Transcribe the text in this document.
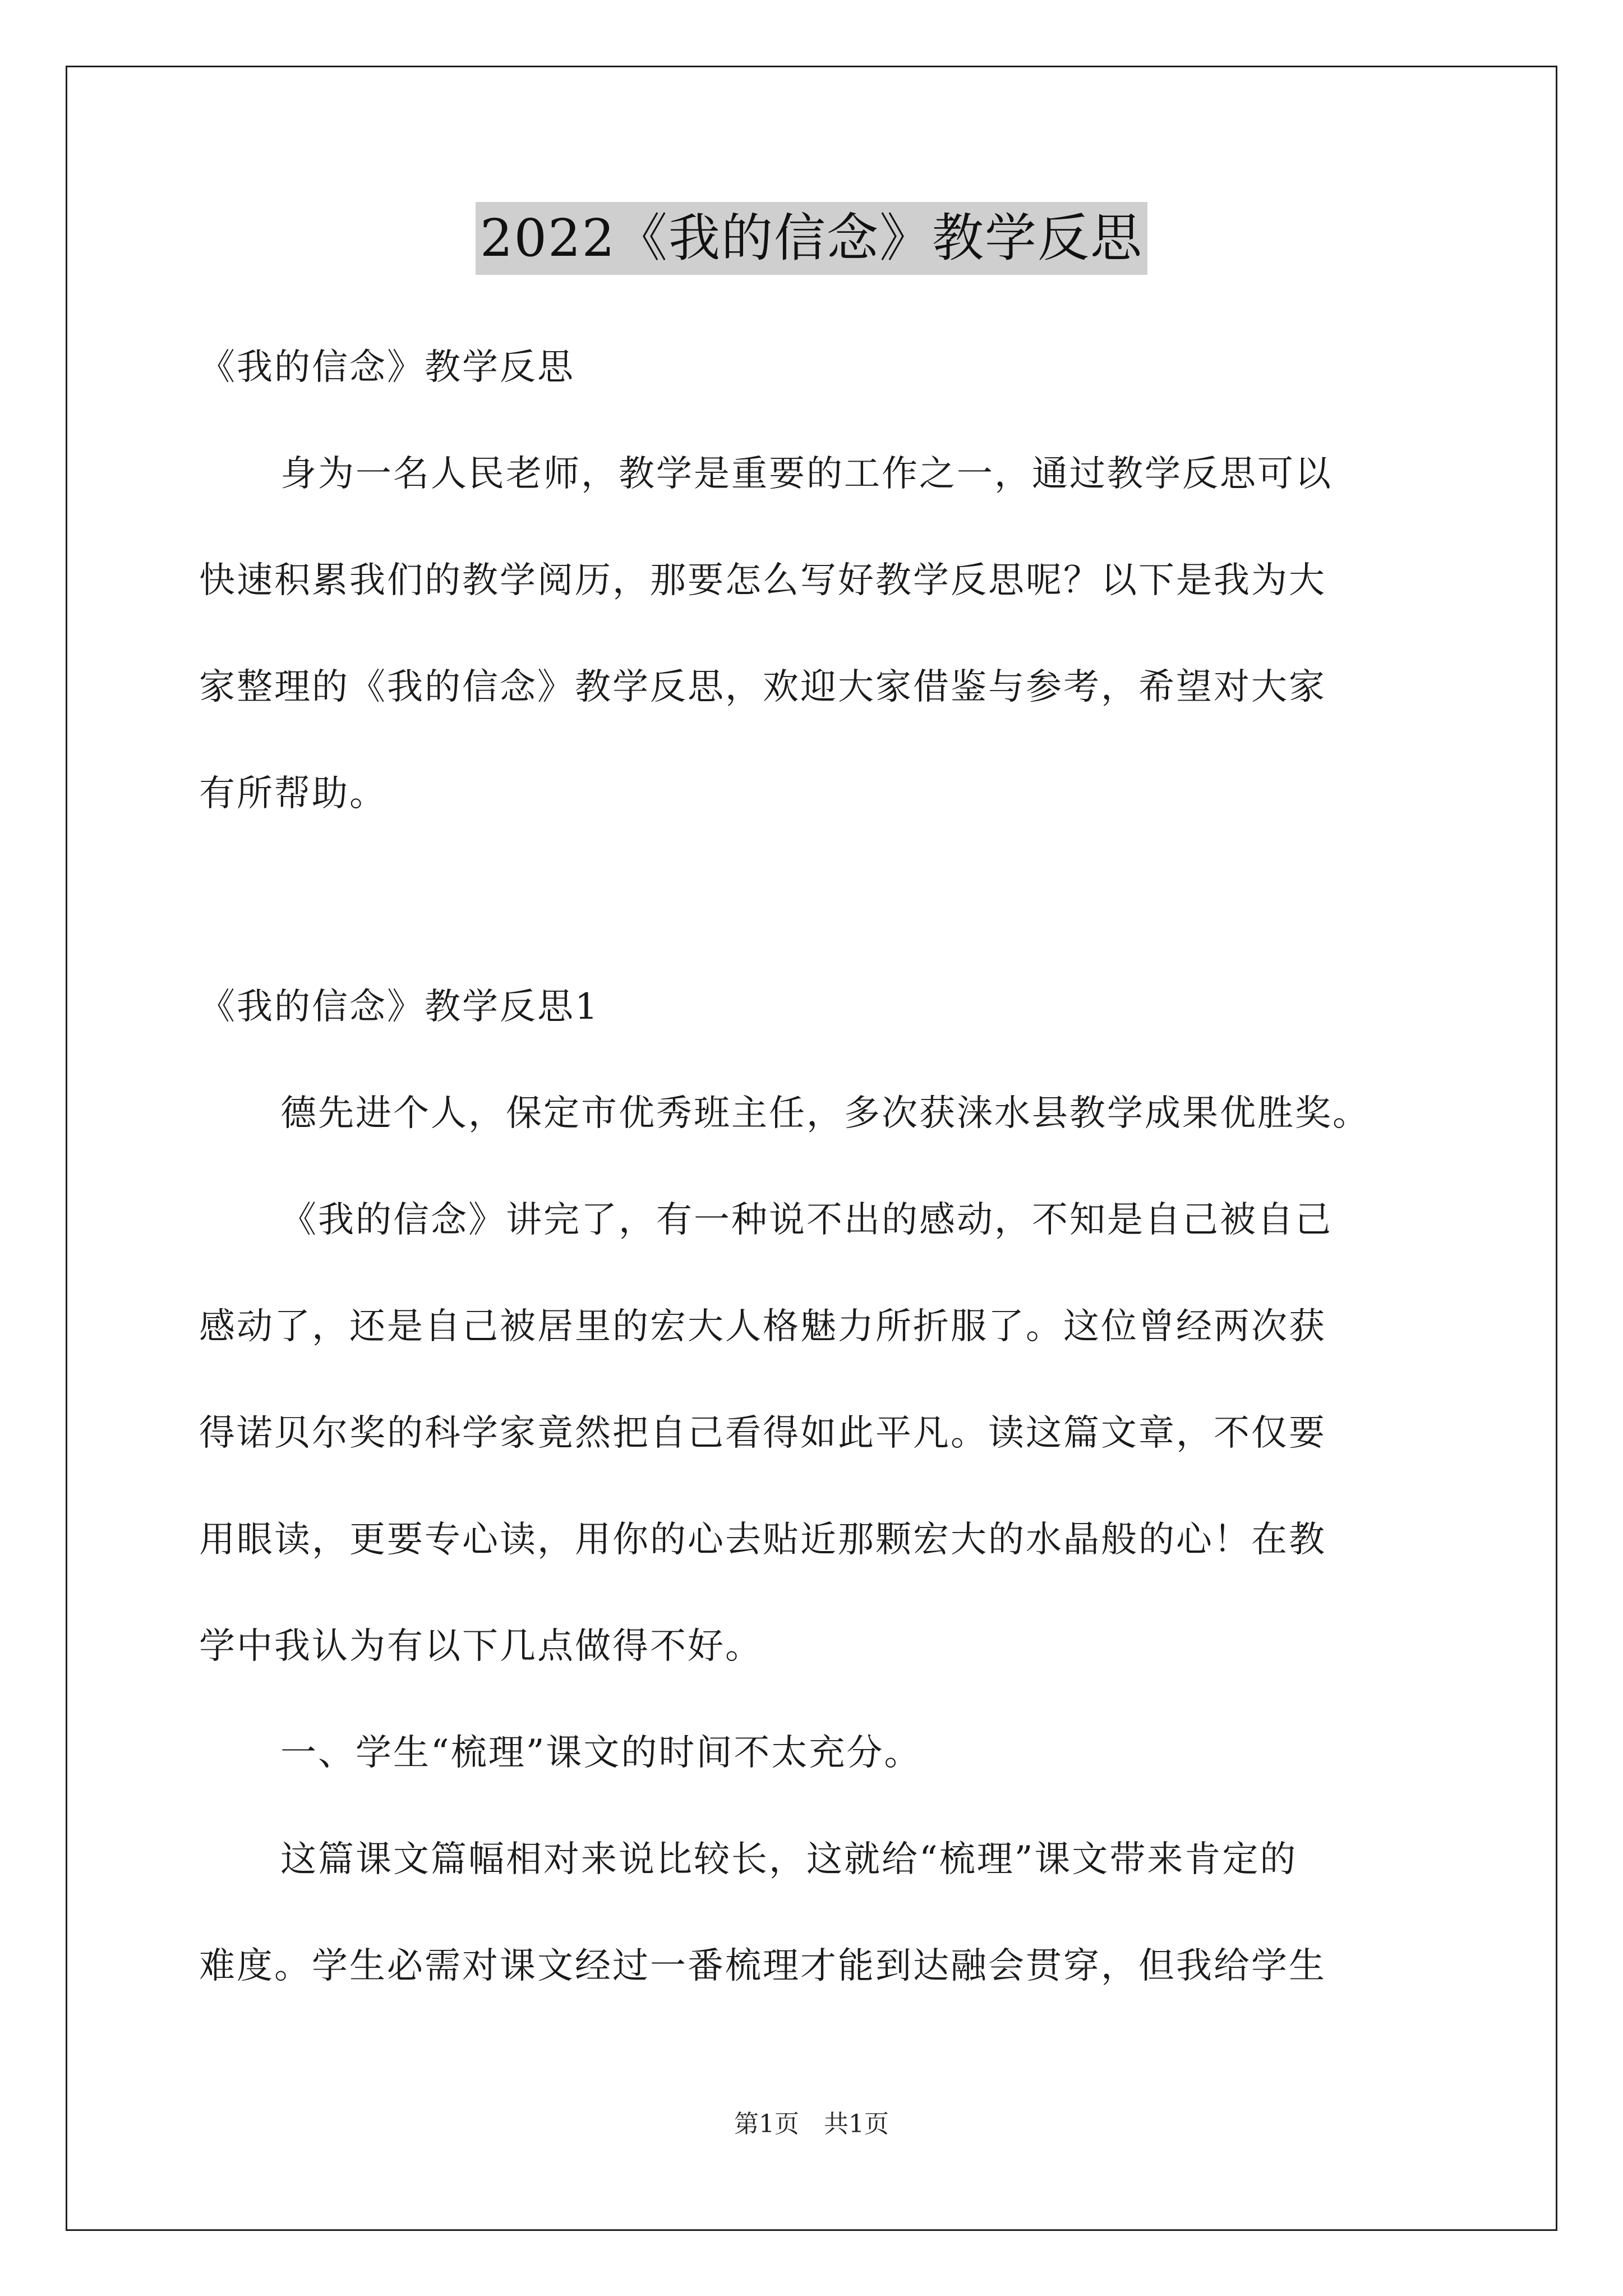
2022《我的信念》教学反思
《我的信念》教学反思
身为一名人民老师，教学是重要的工作之一，通过教学反思可以
快速积累我们的教学阅历，那要怎么写好教学反思呢？以下是我为大
家整理的《我的信念》教学反思，欢迎大家借鉴与参考，希望对大家
有所帮助。
《我的信念》教学反思1
德先进个人，保定市优秀班主任，多次获涞水县教学成果优胜奖。
《我的信念》讲完了，有一种说不出的感动，不知是自己被自己
感动了，还是自己被居里的宏大人格魅力所折服了。这位曾经两次获
得诺贝尔奖的科学家竟然把自己看得如此平凡。读这篇文章，不仅要
用眼读，更要专心读，用你的心去贴近那颗宏大的水晶般的心！在教
学中我认为有以下几点做得不好。
一、学生“梳理”课文的时间不太充分。
这篇课文篇幅相对来说比较长，这就给“梳理”课文带来肯定的
难度。学生必需对课文经过一番梳理才能到达融会贯穿，但我给学生
第1页　共1页
